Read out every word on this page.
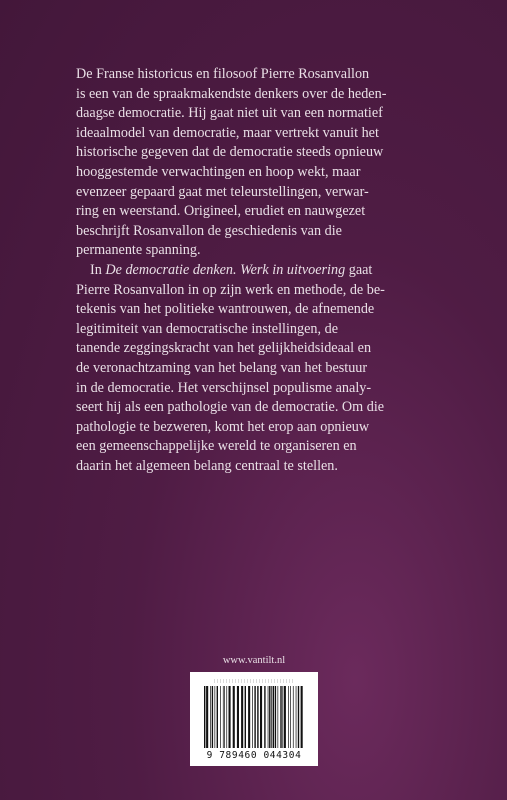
De Franse historicus en filosoof Pierre Rosanvallon
is een van de spraakmakendste denkers over de heden-
daagse democratie. Hij gaat niet uit van een normatief
ideaalmodel van democratie, maar vertrekt vanuit het
historische gegeven dat de democratie steeds opnieuw
hooggestemde verwachtingen en hoop wekt, maar
evenzeer gepaard gaat met teleurstellingen, verwar-
ring en weerstand. Origineel, erudiet en nauwgezet
beschrijft Rosanvallon de geschiedenis van die
permanente spanning.

In De democratie denken. Werk in uitvoering gaat
Pierre Rosanvallon in op zijn werk en methode, de be-
tekenis van het politieke wantrouwen, de afnemende
legitimiteit van democratische instellingen, de
tanende zeggingskracht van het gelijkheidsideaal en
de veronachtzaming van het belang van het bestuur
in de democratie. Het verschijnsel populisme analy-
seert hij als een pathologie van de democratie. Om die
pathologie te bezweren, komt het erop aan opnieuw
een gemeenschappelijke wereld te organiseren en
daarin het algemeen belang centraal te stellen.

www.vantilt.nl
9 789460 044304
